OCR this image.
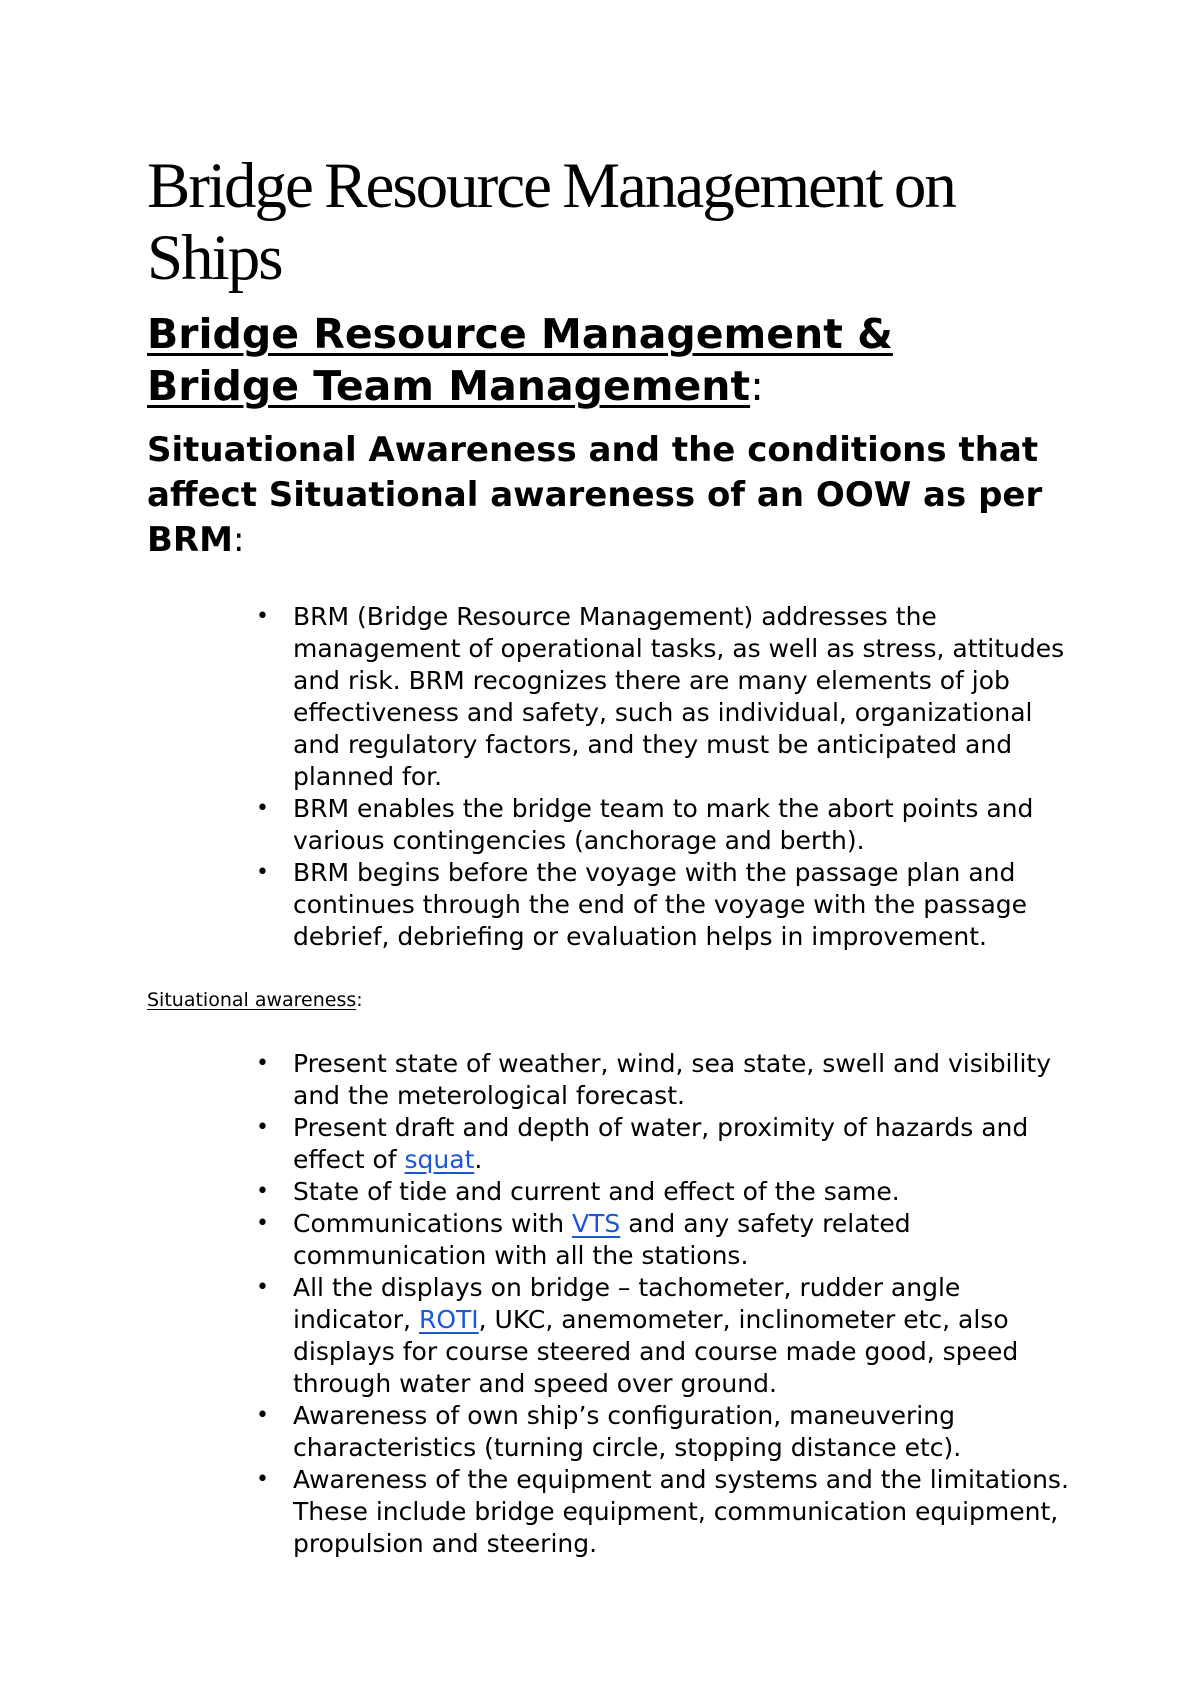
Bridge Resource Management on Ships
Bridge Resource Management &
Bridge Team Management:
Situational Awareness and the conditions that affect Situational awareness of an OOW as per BRM:
• BRM (Bridge Resource Management) addresses the management of operational tasks, as well as stress, attitudes and risk. BRM recognizes there are many elements of job effectiveness and safety, such as individual, organizational and regulatory factors, and they must be anticipated and planned for.
• BRM enables the bridge team to mark the abort points and various contingencies (anchorage and berth).
• BRM begins before the voyage with the passage plan and continues through the end of the voyage with the passage debrief, debriefing or evaluation helps in improvement.

Situational awareness:

• Present state of weather, wind, sea state, swell and visibility and the meterological forecast.
• Present draft and depth of water, proximity of hazards and effect of squat.
• State of tide and current and effect of the same.
• Communications with VTS and any safety related communication with all the stations.
• All the displays on bridge – tachometer, rudder angle indicator, ROTI, UKC, anemometer, inclinometer etc, also displays for course steered and course made good, speed through water and speed over ground.
• Awareness of own ship’s configuration, maneuvering characteristics (turning circle, stopping distance etc).
• Awareness of the equipment and systems and the limitations. These include bridge equipment, communication equipment, propulsion and steering.
